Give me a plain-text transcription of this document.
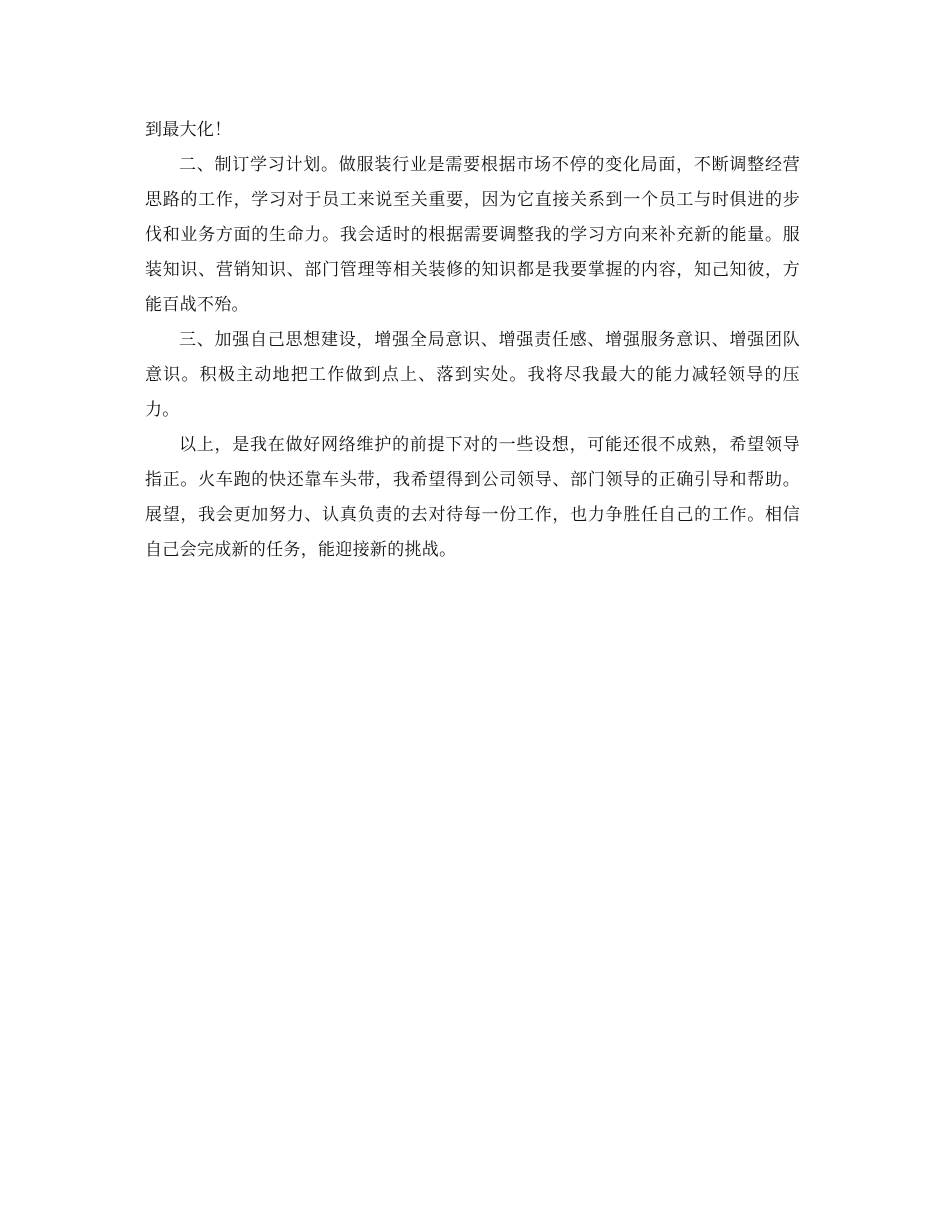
到最大化！

二、制订学习计划。做服装行业是需要根据市场不停的变化局面，不断调整经营思路的工作，学习对于员工来说至关重要，因为它直接关系到一个员工与时俱进的步伐和业务方面的生命力。我会适时的根据需要调整我的学习方向来补充新的能量。服装知识、营销知识、部门管理等相关装修的知识都是我要掌握的内容，知己知彼，方能百战不殆。

三、加强自己思想建设，增强全局意识、增强责任感、增强服务意识、增强团队意识。积极主动地把工作做到点上、落到实处。我将尽我最大的能力减轻领导的压力。

以上，是我在做好网络维护的前提下对的一些设想，可能还很不成熟，希望领导指正。火车跑的快还靠车头带，我希望得到公司领导、部门领导的正确引导和帮助。展望，我会更加努力、认真负责的去对待每一份工作，也力争胜任自己的工作。相信自己会完成新的任务，能迎接新的挑战。
